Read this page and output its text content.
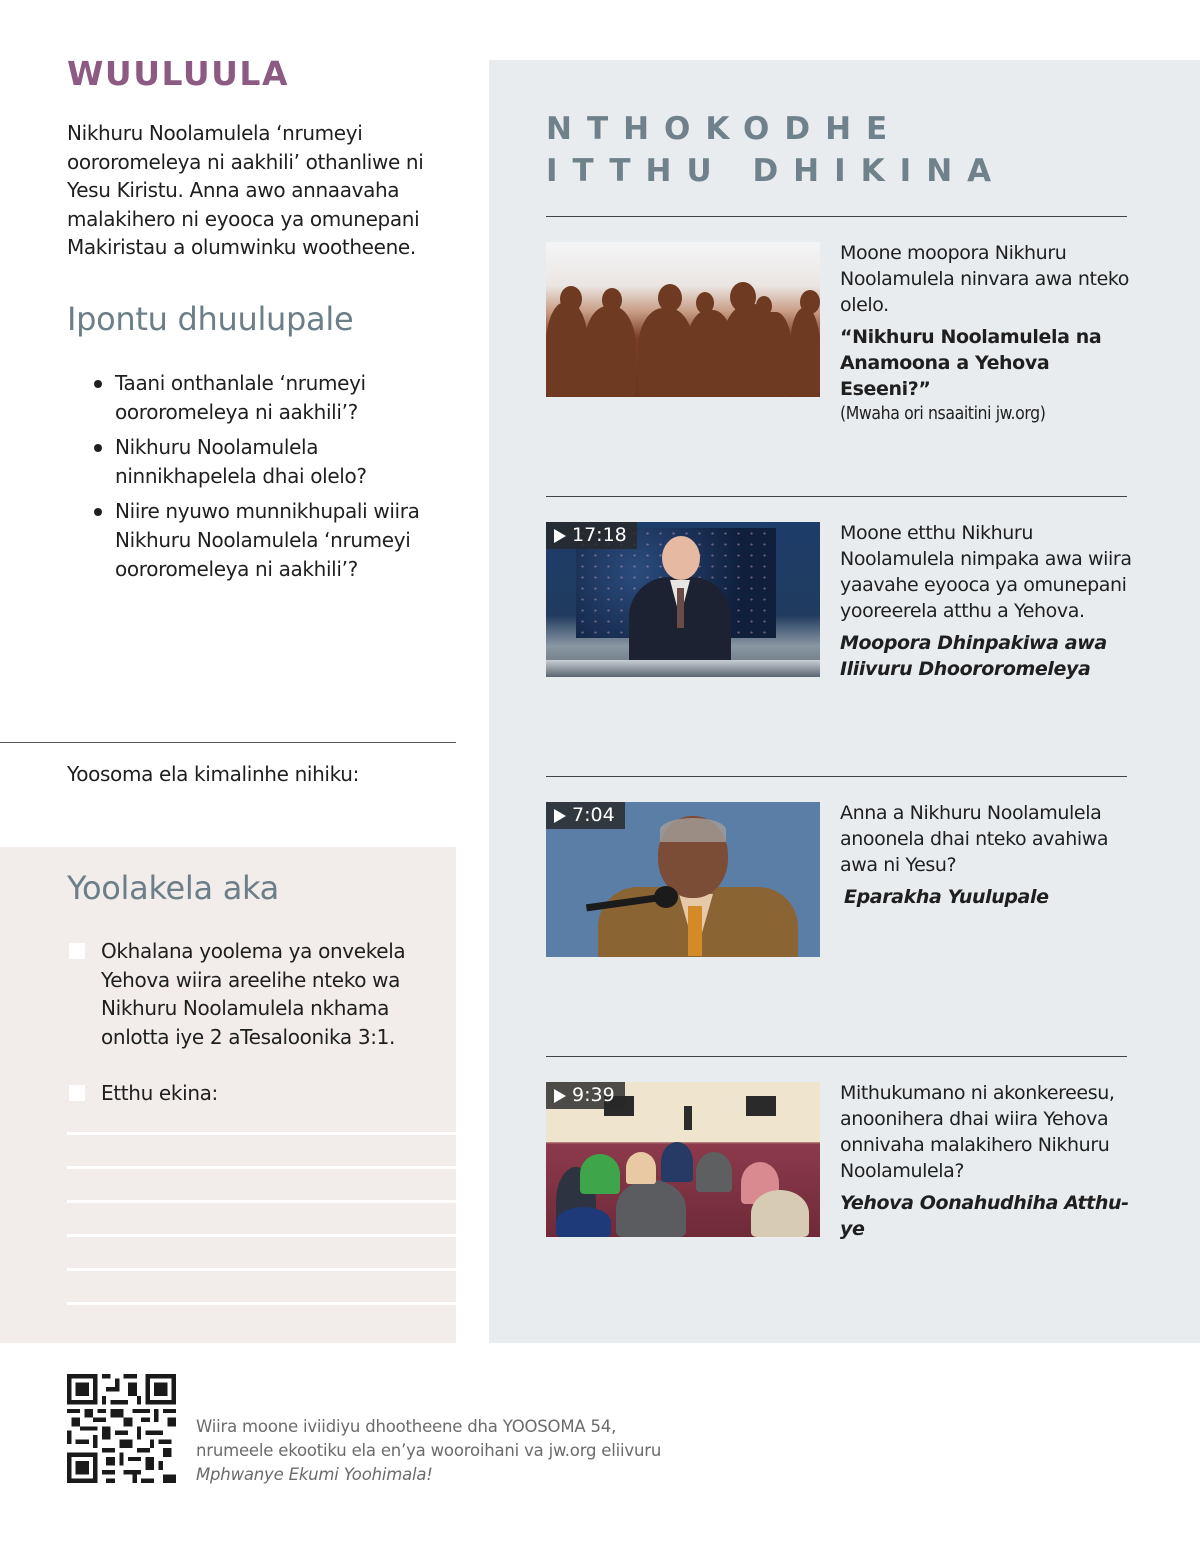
WUULUULA

Nikhuru Noolamulela ‘nrumeyi oororomeleya ni aakhili’ othanliwe ni Yesu Kiristu. Anna awo annaavaha malakihero ni eyooca ya omunepani Makiristau a olumwinku wootheene.

Ipontu dhuulupale
Taani onthanlale ‘nrumeyi oororomeleya ni aakhili’?
Nikhuru Noolamulela ninnikhapelela dhai olelo?
Niire nyuwo munnikhupali wiira Nikhuru Noolamulela ‘nrumeyi oororomeleya ni aakhili’?
Yoosoma ela kimalinhe nihiku:
Yoolakela aka
Okhalana yoolema ya onvekela Yehova wiira areelihe nteko wa Nikhuru Noolamulela nkhama onlotta iye 2 aTesaloonika 3:1.
Etthu ekina:
NTHOKODHE
ITTHU DHIKINA
Moone moopora Nikhuru Noolamulela ninvara awa nteko olelo.
“Nikhuru Noolamulela na Anamoona a Yehova Eseeni?”
(Mwaha ori nsaaitini jw.org)
17:18	Moone etthu Nikhuru Noolamulela nimpaka awa wiira yaavahe eyooca ya omunepani yooreerela atthu a Yehova.
Moopora Dhinpakiwa awa Iliivuru Dhoororomeleya
7:04	Anna a Nikhuru Noolamulela anoonela dhai nteko avahiwa awa ni Yesu?
Eparakha Yuulupale
9:39	Mithukumano ni akonkereesu, anoonihera dhai wiira Yehova onnivaha malakihero Nikhuru Noolamulela?
Yehova Oonahudhiha Atthu-ye

Wiira moone iviidiyu dhootheene dha YOOSOMA 54, nrumeele ekootiku ela en’ya wooroihani va jw.org eliivuru Mphwanye Ekumi Yoohimala!
